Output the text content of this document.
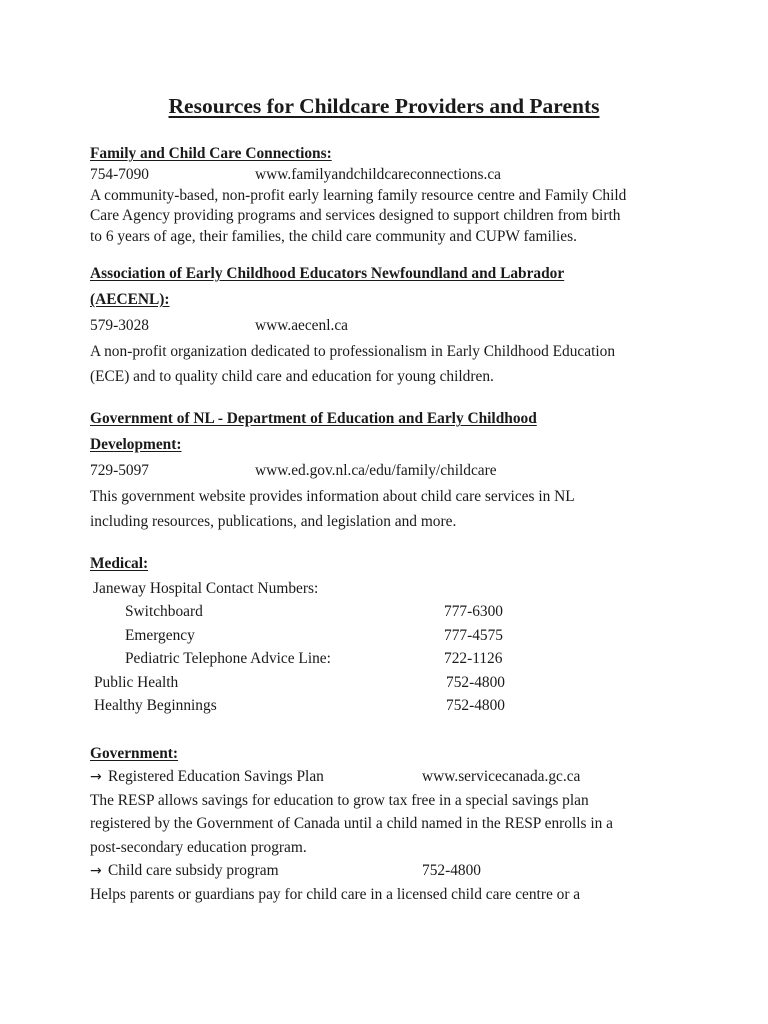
Resources for Childcare Providers and Parents
Family and Child Care Connections:
754-7090	www.familyandchildcareconnections.ca
A community-based, non-profit early learning family resource centre and Family Child
Care Agency providing programs and services designed to support children from birth
to 6 years of age, their families, the child care community and CUPW families.
Association of Early Childhood Educators Newfoundland and Labrador
(AECENL):
579-3028	www.aecenl.ca
A non-profit organization dedicated to professionalism in Early Childhood Education
(ECE) and to quality child care and education for young children.
Government of NL - Department of Education and Early Childhood
Development:
729-5097	www.ed.gov.nl.ca/edu/family/childcare
This government website provides information about child care services in NL
including resources, publications, and legislation and more.
Medical:
Janeway Hospital Contact Numbers:
Switchboard	777-6300
Emergency	777-4575
Pediatric Telephone Advice Line:	722-1126
Public Health	752-4800
Healthy Beginnings	752-4800
Government:
→ Registered Education Savings Plan	www.servicecanada.gc.ca
The RESP allows savings for education to grow tax free in a special savings plan
registered by the Government of Canada until a child named in the RESP enrolls in a
post-secondary education program.
→ Child care subsidy program	752-4800
Helps parents or guardians pay for child care in a licensed child care centre or a
